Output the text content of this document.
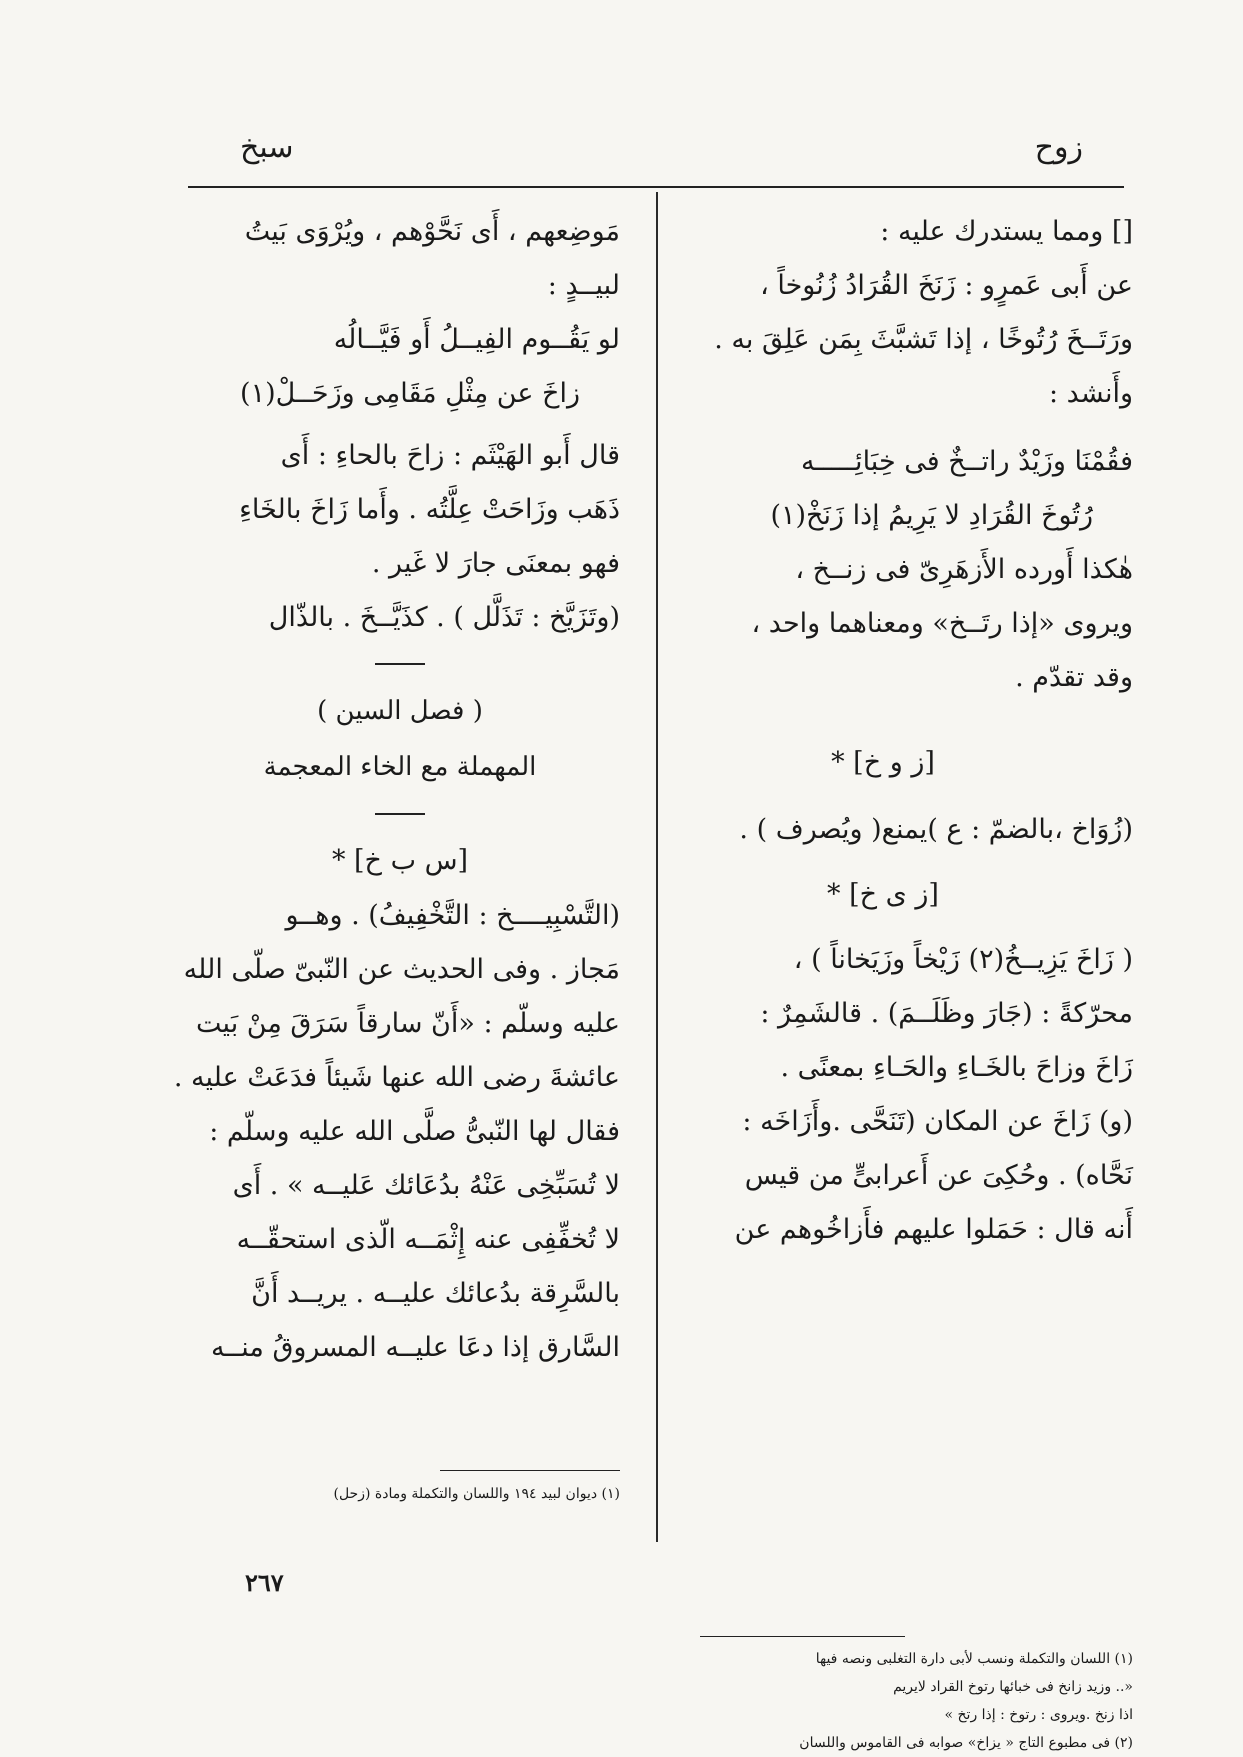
زوح
سبخ
[] ومما يستدرك عليه :
عن أَبى عَمرٍو : زَنَخَ القُرَادُ زُنُوخاً ،
ورَتَــخَ رُتُوخًا ، إذا تَشبَّثَ بِمَن عَلِقَ به .
وأَنشد :
فقُمْنَا وزَيْدٌ راتــخٌ فى خِبَائِـــــه
رُتُوخَ القُرَادِ لا يَرِيمُ إذا زَنَخْ(١)
هٰكذا أَورده الأَزهَرِىّ فى زنــخ ،
ويروى «إذا رتَــخ» ومعناهما واحد ،
وقد تقدّم .
[ز و خ] *
(زُوَاخ ،بالضمّ : ع )يمنع( ويُصرف ) .
[ز ى خ] *
( زَاخَ يَزِيــخُ(٢) زَيْخاً وزَيَخاناً ) ،
محرّكةً : (جَارَ وظَلَــمَ) . قالشَمِرٌ :
زَاخَ وزاحَ بالخَـاءِ والحَـاءِ بمعنًى .
(و) زَاخَ عن المكان (تَنَحَّى .وأَزَاخَه :
نَحَّاه) . وحُكِىَ عن أَعرابىٍّ من قيس
أَنه قال : حَمَلوا عليهم فأَزاخُوهم عن
مَوضِعهم ، أَى نَحَّوْهم ، ويُرْوَى بَيتُ
لبيــدٍ :
لو يَقُــوم الفِيــلُ أَو فَيَّــالُه
زاخَ عن مِثْلِ مَقَامِى وزَحَــلْ(١)
قال أَبو الهَيْثَم : زاحَ بالحاءِ : أَى
ذَهَب وزَاحَتْ عِلَّتُه . وأَما زَاخَ بالخَاءِ
فهو بمعنَى جارَ لا غَير .
(وتَزَيَّخ : تَذَلَّل ) . كذَيَّــخَ . بالذّال
( فصل السين )
المهملة مع الخاء المعجمة
[س ب خ] *
(التَّسْبِيــــخ : التَّخْفِيفُ) . وهــو
مَجاز . وفى الحديث عن النّبىّ صلّى الله
عليه وسلّم : «أَنّ سارقاً سَرَقَ مِنْ بَيت
عائشةَ رضى الله عنها شَيئاً فدَعَتْ عليه .
فقال لها النّبىُّ صلَّى الله عليه وسلّم :
لا تُسَبِّخِى عَنْهُ بدُعَائك عَليــه » . أَى
لا تُخفِّفِى عنه إِثْمَــه الّذى استحقّــه
بالسَّرِقة بدُعائك عليــه . يريــد أَنَّ
السَّارق إذا دعَا عليــه المسروقُ منــه
(١) اللسان والتكملة ونسب لأبى دارة التغلبى ونصه فيها
«.. وزيد زانخ فى خبائها رتوخ القراد لايريم
اذا زنخ .ويروى : رتوخ : إذا رتخ »
(٢) فى مطبوع التاج « يزاخ» صوابه فى القاموس واللسان
(١) ديوان لبيد ١٩٤ واللسان والتكملة ومادة (زحل)
٢٦٧
